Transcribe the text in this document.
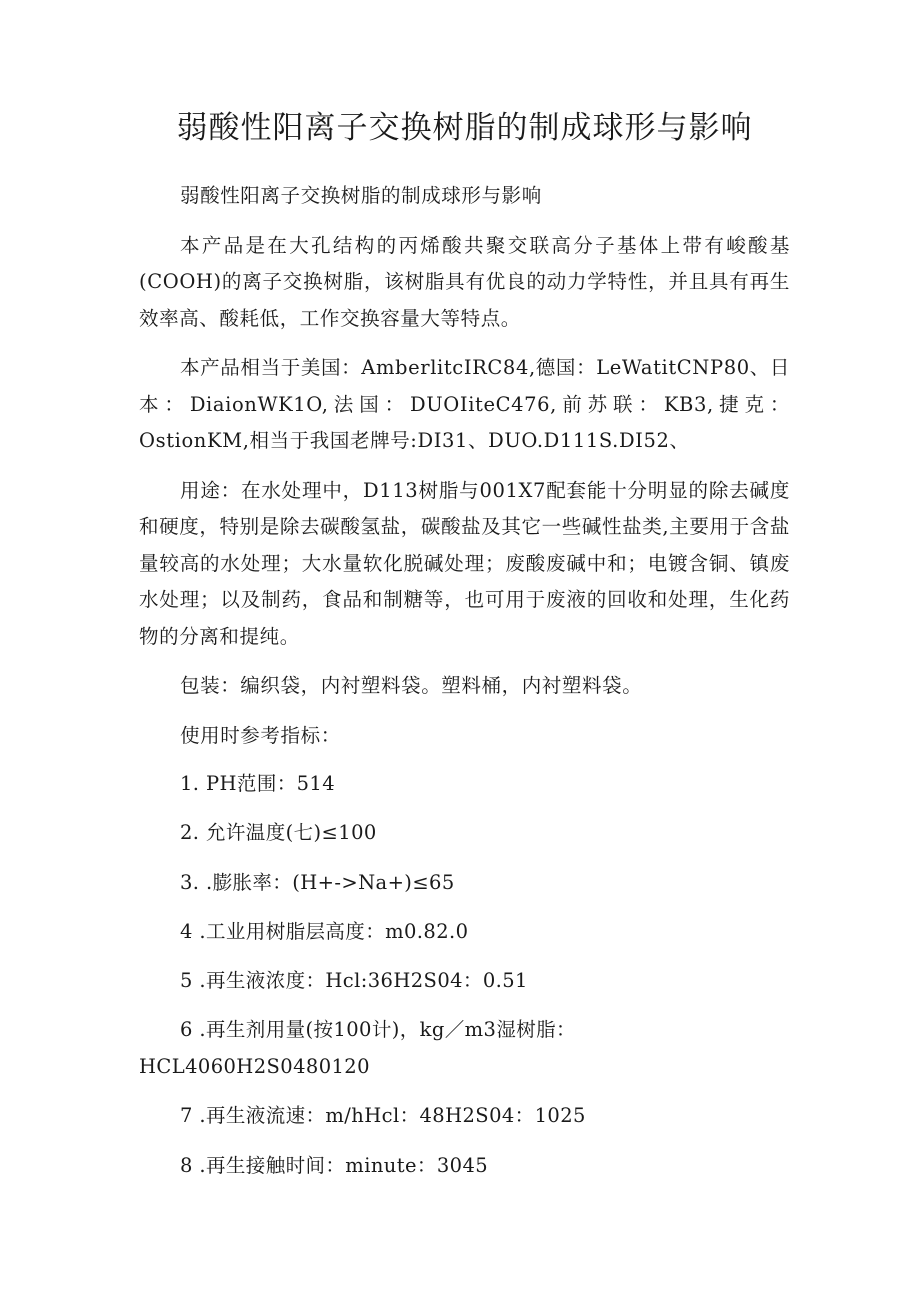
弱酸性阳离子交换树脂的制成球形与影响

弱酸性阳离子交换树脂的制成球形与影响

本产品是在大孔结构的丙烯酸共聚交联高分子基体上带有峻酸基(COOH)的离子交换树脂，该树脂具有优良的动力学特性，并且具有再生效率高、酸耗低，工作交换容量大等特点。

本产品相当于美国：AmberlitcIRC84,德国：LeWatitCNP80、日本：DiaionWK1O,法国：DUOIiteC476,前苏联：KB3,捷克：OstionKM,相当于我国老牌号:DI31、DUO.D111S.DI52、

用途：在水处理中，D113树脂与001X7配套能十分明显的除去碱度和硬度，特别是除去碳酸氢盐，碳酸盐及其它一些碱性盐类,主要用于含盐量较高的水处理；大水量软化脱碱处理；废酸废碱中和；电镀含铜、镇废水处理；以及制药，食品和制糖等，也可用于废液的回收和处理，生化药物的分离和提纯。

包装：编织袋，内衬塑料袋。塑料桶，内衬塑料袋。

使用时参考指标：

1. PH范围：514

2. 允许温度(七)≤100

3. .膨胀率：(H+->Na+)≤65

4 .工业用树脂层高度：m0.82.0

5 .再生液浓度：Hcl:36H2S04：0.51

6 .再生剂用量(按100计)，kg／m3湿树脂：HCL4060H2S0480120

7 .再生液流速：m/hHcl：48H2S04：1025

8 .再生接触时间：minute：3045
